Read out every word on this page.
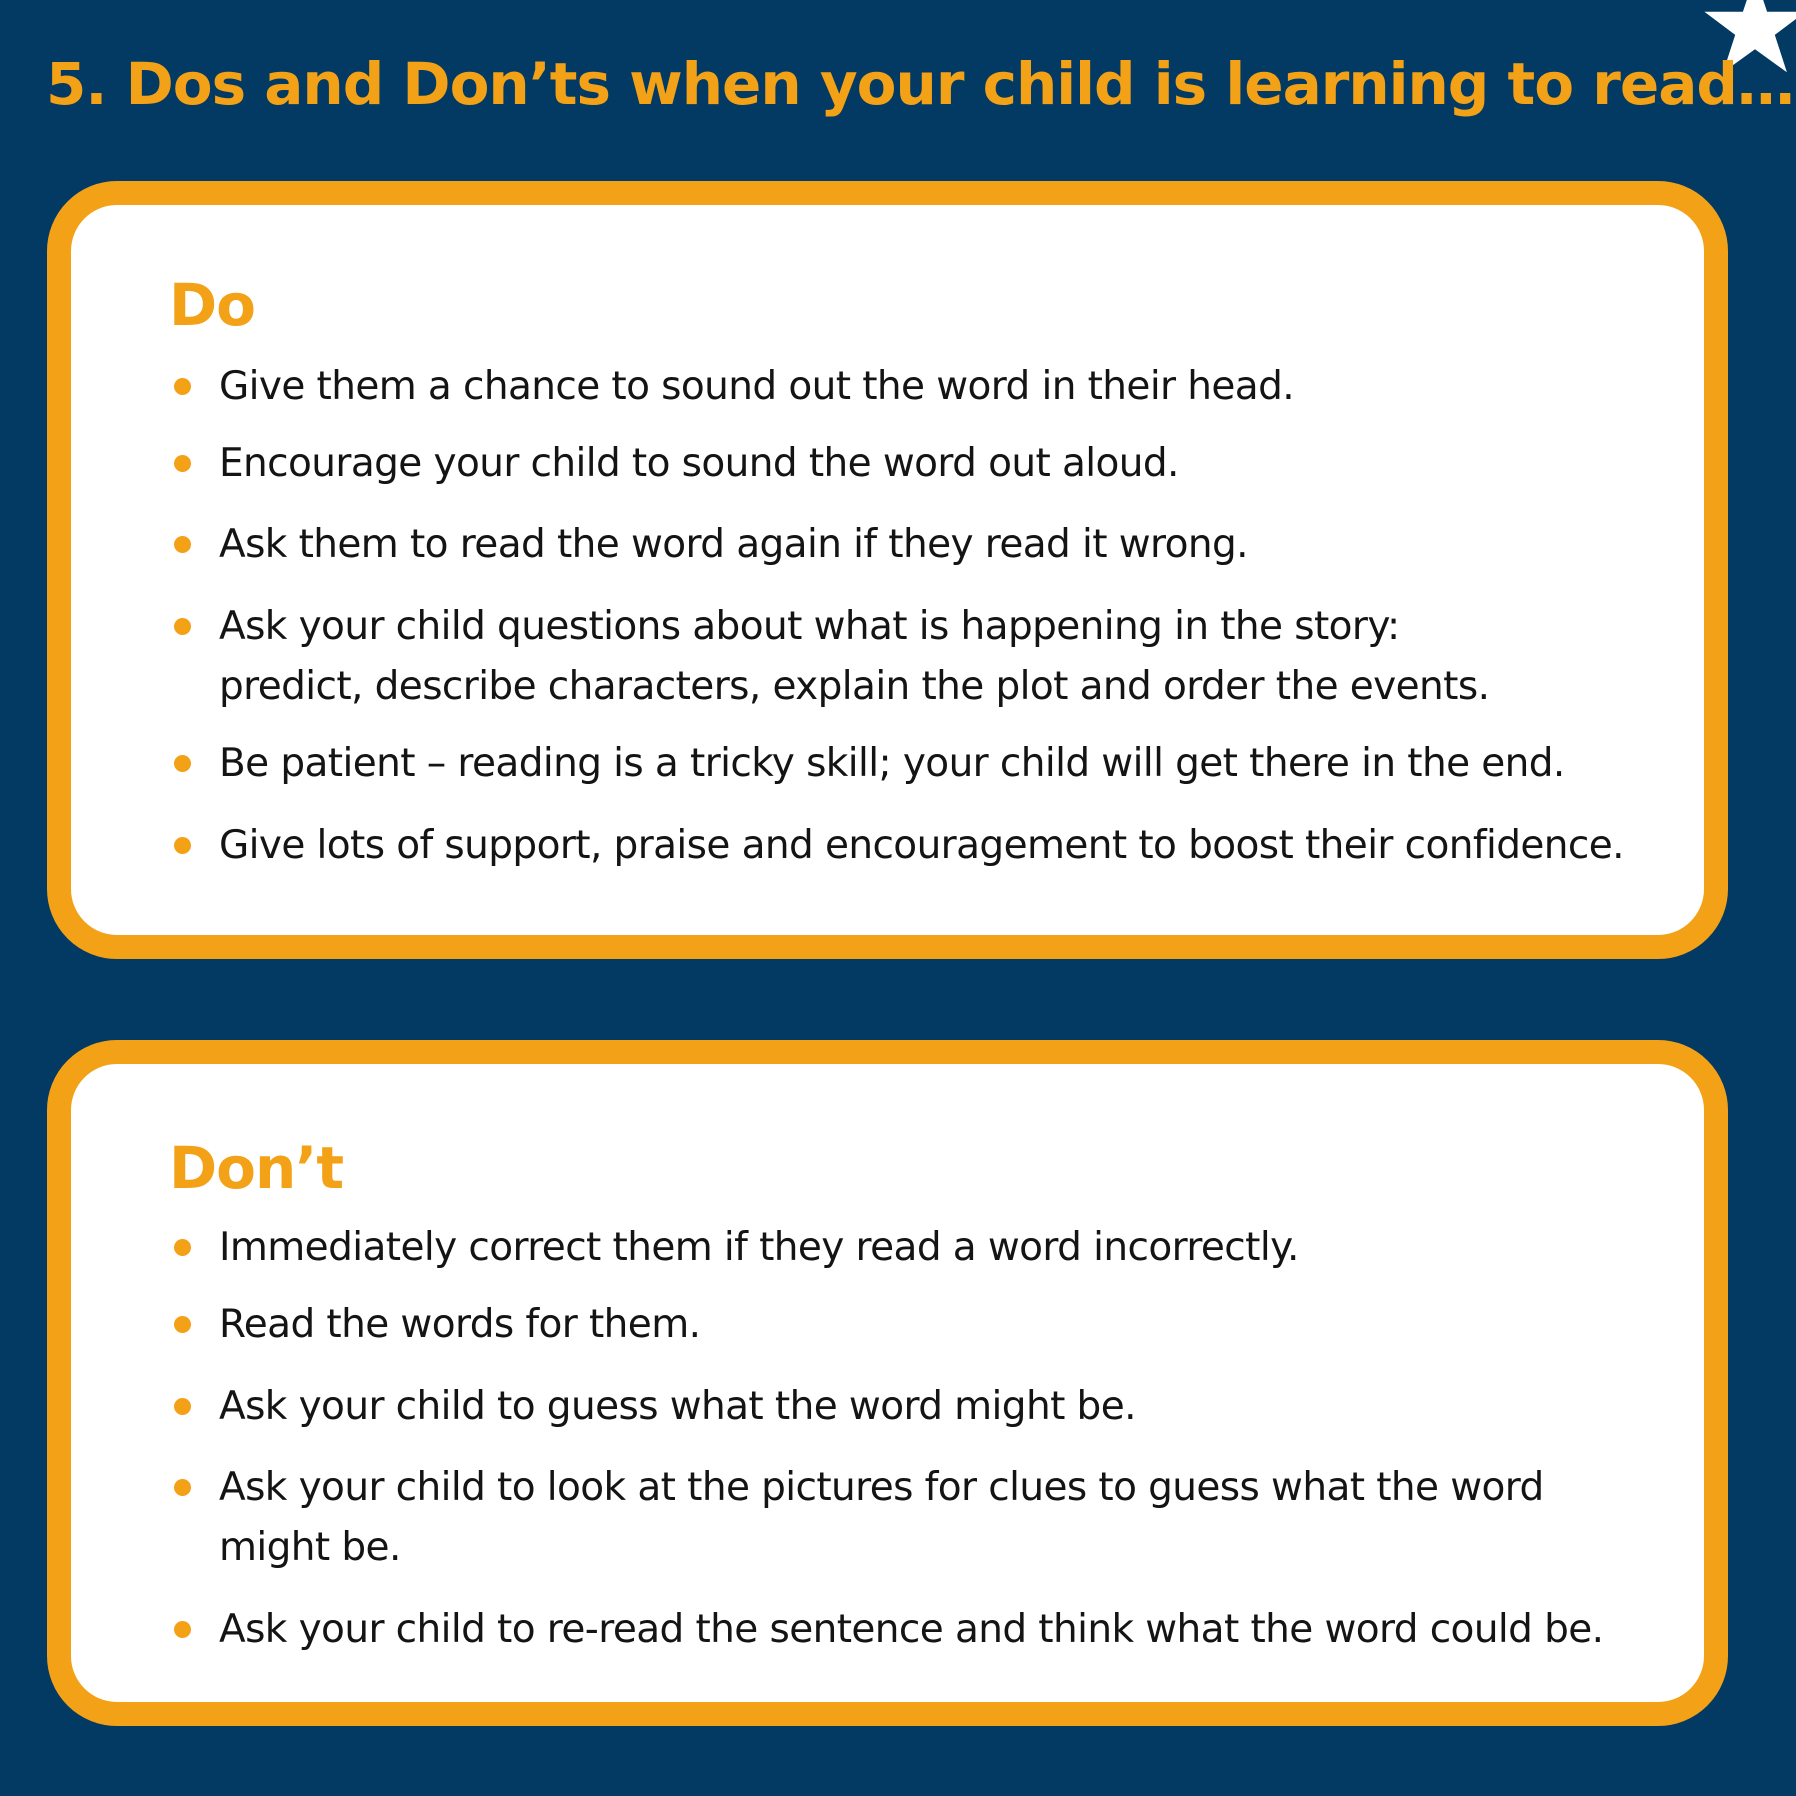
5. Dos and Don’ts when your child is learning to read…
Do

Give them a chance to sound out the word in their head.

Encourage your child to sound the word out aloud.

Ask them to read the word again if they read it wrong.

Ask your child questions about what is happening in the story:
predict, describe characters, explain the plot and order the events.

Be patient – reading is a tricky skill; your child will get there in the end.

Give lots of support, praise and encouragement to boost their confidence.

Don’t

Immediately correct them if they read a word incorrectly.

Read the words for them.

Ask your child to guess what the word might be.

Ask your child to look at the pictures for clues to guess what the word
might be.

Ask your child to re-read the sentence and think what the word could be.
